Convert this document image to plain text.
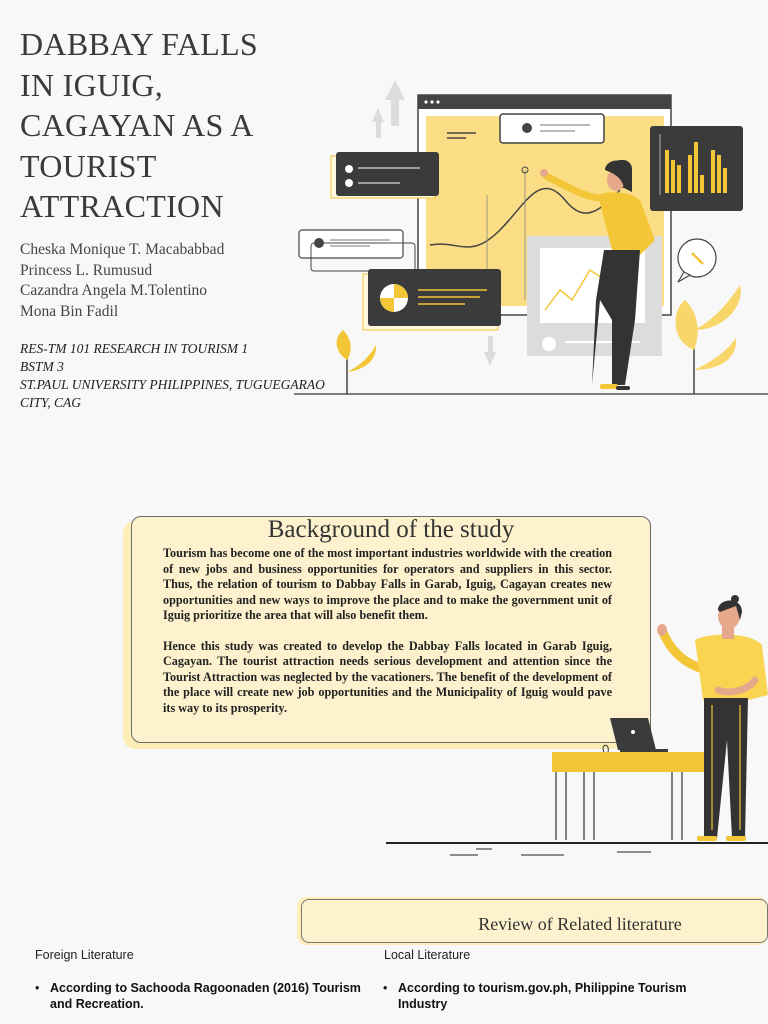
DABBAY FALLS
IN IGUIG,
CAGAYAN AS A
TOURIST
ATTRACTION
Cheska Monique T. Macababbad
Princess L. Rumusud
Cazandra Angela M.Tolentino
Mona Bin Fadil
RES-TM 101 RESEARCH IN TOURISM 1
BSTM 3
ST.PAUL UNIVERSITY PHILIPPINES, TUGUEGARAO
CITY, CAG
Background of the study

Tourism has become one of the most important industries worldwide with the creation of new jobs and business opportunities for operators and suppliers in this sector. Thus, the relation of tourism to Dabbay Falls in Garab, Iguig, Cagayan creates new opportunities and new ways to improve the place and to make the government unit of Iguig prioritize the area that will also benefit them.

Hence this study was created to develop the Dabbay Falls located in Garab Iguig, Cagayan. The tourist attraction needs serious development and attention since the Tourist Attraction was neglected by the vacationers. The benefit of the development of the place will create new job opportunities and the Municipality of Iguig would pave its way to its prosperity.

Review of Related literature
Foreign Literature
• According to Sachooda Ragoonaden (2016) Tourism and Recreation.
Local Literature
• According to tourism.gov.ph, Philippine Tourism Industry
